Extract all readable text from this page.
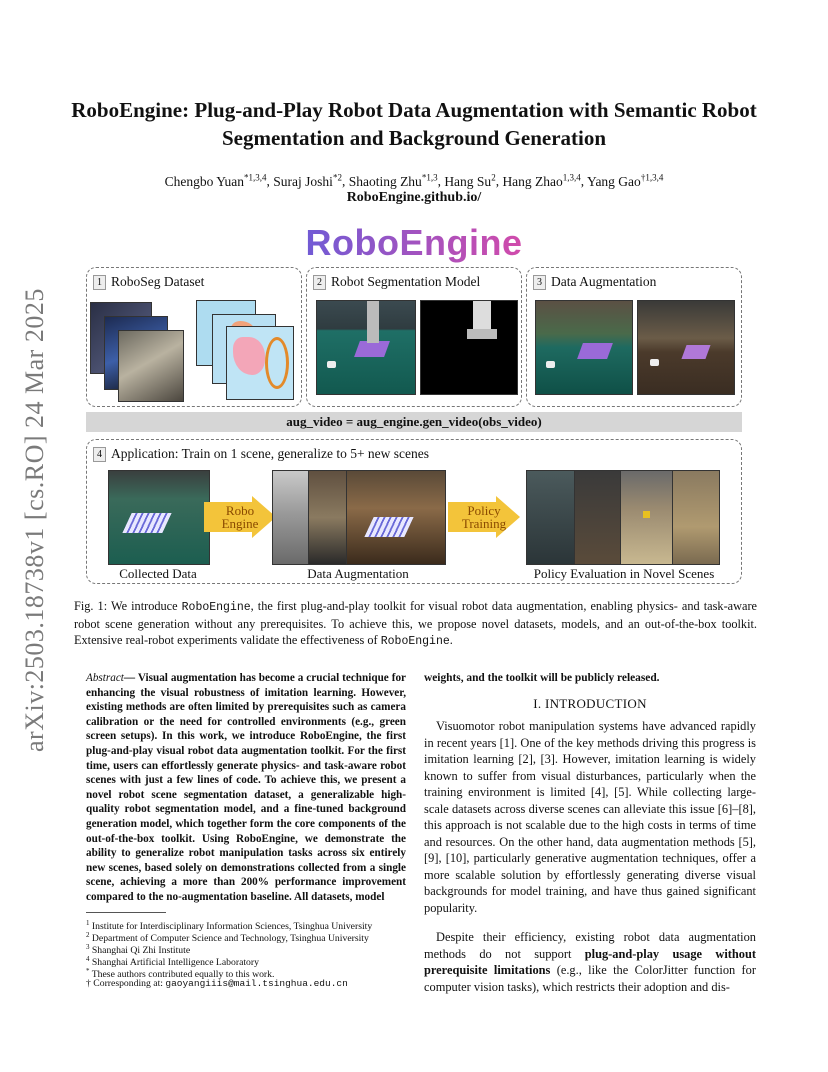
arXiv:2503.18738v1 [cs.RO] 24 Mar 2025
RoboEngine: Plug-and-Play Robot Data Augmentation with Semantic Robot Segmentation and Background Generation
Chengbo Yuan$^{*1,3,4}$, Suraj Joshi$^{*2}$, Shaoting Zhu$^{*1,3}$, Hang Su$^2$, Hang Zhao$^{1,3,4}$, Yang Gao$^{\dagger 1,3,4}$
RoboEngine.github.io/
RoboEngine
1 RoboSeg Dataset	2 Robot Segmentation Model	3 Data Augmentation
aug_video = aug_engine.gen_video(obs_video)
4 Application: Train on 1 scene, generalize to 5+ new scenes
Robo
Engine
Policy
Training
Collected Data	Data Augmentation	Policy Evaluation in Novel Scenes
Fig. 1: We introduce RoboEngine, the first plug-and-play toolkit for visual robot data augmentation, enabling physics- and task-aware robot scene generation without any prerequisites. To achieve this, we propose novel datasets, models, and an out-of-the-box toolkit. Extensive real-robot experiments validate the effectiveness of RoboEngine.
Abstract— Visual augmentation has become a crucial technique for enhancing the visual robustness of imitation learning. However, existing methods are often limited by prerequisites such as camera calibration or the need for controlled environments (e.g., green screen setups). In this work, we introduce RoboEngine, the first plug-and-play visual robot data augmentation toolkit. For the first time, users can effortlessly generate physics- and task-aware robot scenes with just a few lines of code. To achieve this, we present a novel robot scene segmentation dataset, a generalizable high-quality robot segmentation model, and a fine-tuned background generation model, which together form the core components of the out-of-the-box toolkit. Using RoboEngine, we demonstrate the ability to generalize robot manipulation tasks across six entirely new scenes, based solely on demonstrations collected from a single scene, achieving a more than 200% performance improvement compared to the no-augmentation baseline. All datasets, model
$^1$ Institute for Interdisciplinary Information Sciences, Tsinghua University
$^2$ Department of Computer Science and Technology, Tsinghua University
$^3$ Shanghai Qi Zhi Institute
$^4$ Shanghai Artificial Intelligence Laboratory
* These authors contributed equally to this work.
† Corresponding at: gaoyangiiis@mail.tsinghua.edu.cn
weights, and the toolkit will be publicly released.
I. INTRODUCTION
Visuomotor robot manipulation systems have advanced rapidly in recent years [1]. One of the key methods driving this progress is imitation learning [2], [3]. However, imitation learning is widely known to suffer from visual disturbances, particularly when the training environment is limited [4], [5]. While collecting large-scale datasets across diverse scenes can alleviate this issue [6]–[8], this approach is not scalable due to the high costs in terms of time and resources. On the other hand, data augmentation methods [5], [9], [10], particularly generative augmentation techniques, offer a more scalable solution by effortlessly generating diverse visual backgrounds for model training, and have thus gained significant popularity.
Despite their efficiency, existing robot data augmentation methods do not support plug-and-play usage without prerequisite limitations (e.g., like the ColorJitter function for computer vision tasks), which restricts their adoption and dis-
